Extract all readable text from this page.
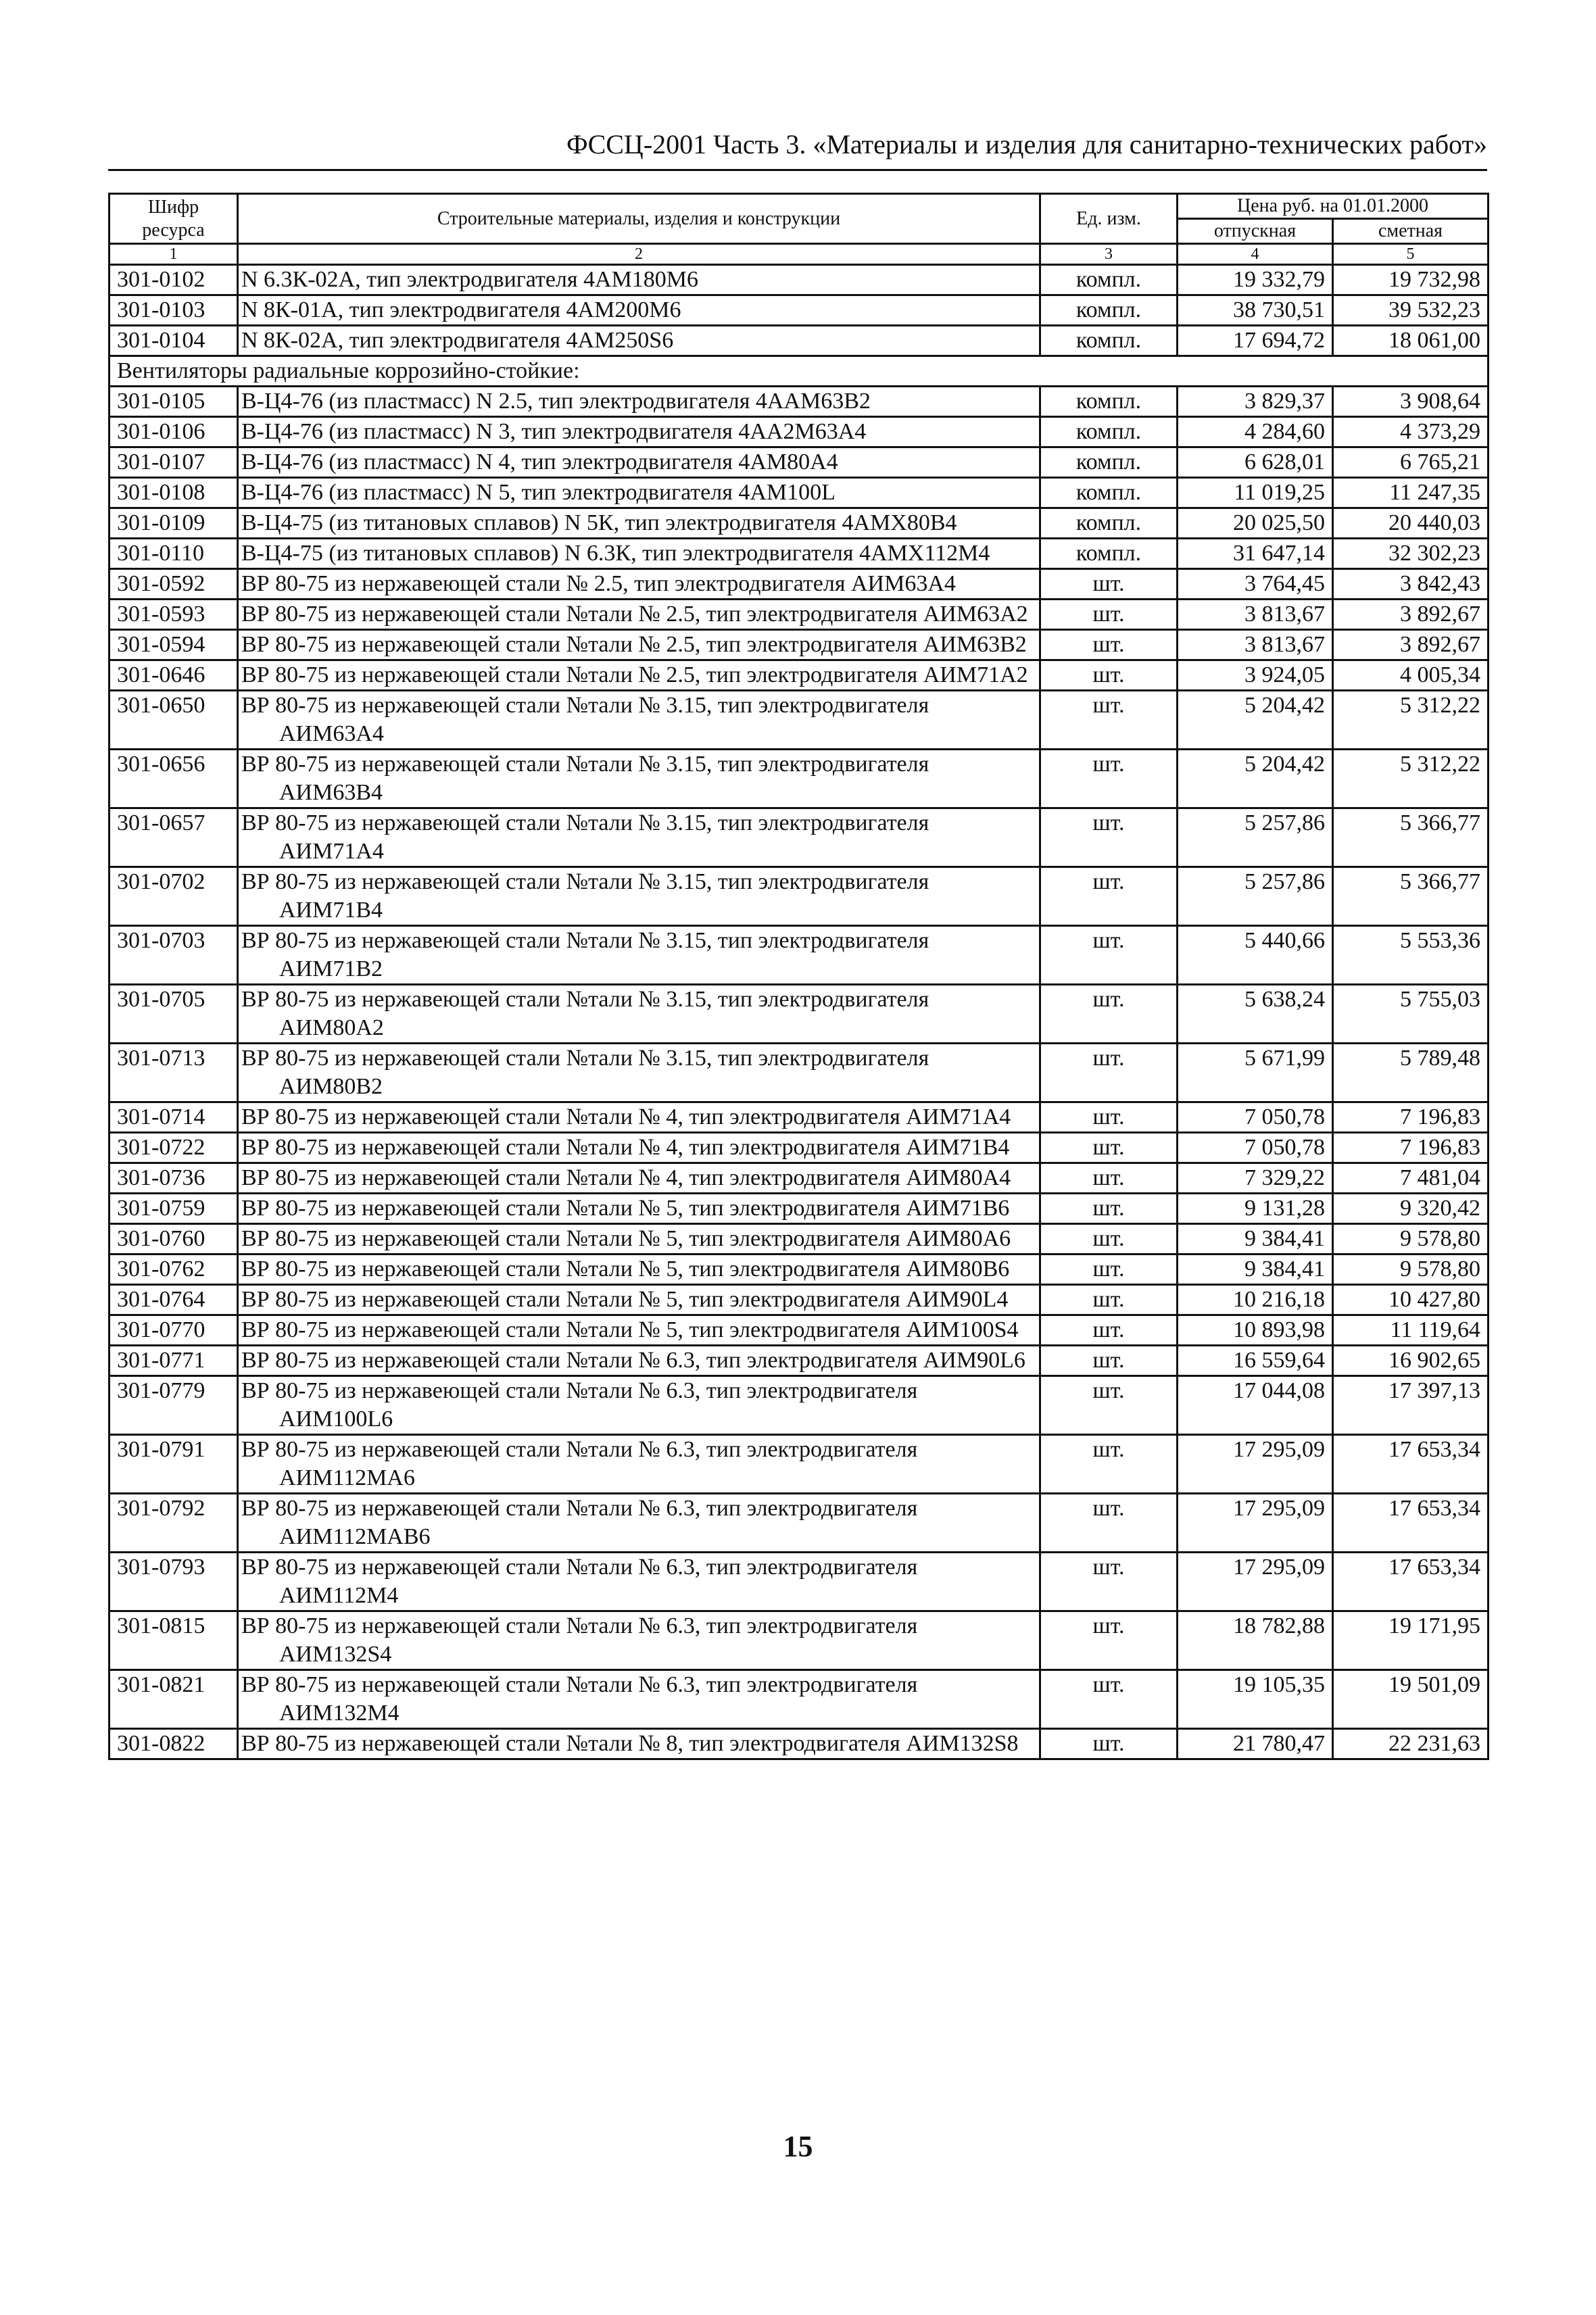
ФССЦ-2001 Часть 3. «Материалы и изделия для санитарно-технических работ»
Шифр ресурса	Строительные материалы, изделия и конструкции	Ед. изм.	Цена руб. на 01.01.2000	
			отпускная	сметная
1	2	3	4	5
301-0102	N 6.3К-02А, тип электродвигателя 4АМ180М6	компл.	19 332,79	19 732,98
301-0103	N 8К-01А, тип электродвигателя 4АМ200М6	компл.	38 730,51	39 532,23
301-0104	N 8К-02А, тип электродвигателя 4АМ250S6	компл.	17 694,72	18 061,00
Вентиляторы радиальные коррозийно-стойкие:				
301-0105	В-Ц4-76 (из пластмасс) N 2.5, тип электродвигателя 4ААМ63В2	компл.	3 829,37	3 908,64
301-0106	В-Ц4-76 (из пластмасс) N 3, тип электродвигателя 4АА2М63А4	компл.	4 284,60	4 373,29
301-0107	В-Ц4-76 (из пластмасс) N 4, тип электродвигателя 4АМ80А4	компл.	6 628,01	6 765,21
301-0108	В-Ц4-76 (из пластмасс) N 5, тип электродвигателя 4АМ100L	компл.	11 019,25	11 247,35
301-0109	В-Ц4-75 (из титановых сплавов) N 5К, тип электродвигателя 4АМХ80В4	компл.	20 025,50	20 440,03
301-0110	В-Ц4-75 (из титановых сплавов) N 6.3К, тип электродвигателя 4АМХ112М4	компл.	31 647,14	32 302,23
301-0592	ВР 80-75 из нержавеющей стали № 2.5, тип электродвигателя АИМ63А4	шт.	3 764,45	3 842,43
301-0593	ВР 80-75 из нержавеющей стали №тали № 2.5, тип электродвигателя АИМ63А2	шт.	3 813,67	3 892,67
301-0594	ВР 80-75 из нержавеющей стали №тали № 2.5, тип электродвигателя АИМ63В2	шт.	3 813,67	3 892,67
301-0646	ВР 80-75 из нержавеющей стали №тали № 2.5, тип электродвигателя АИМ71А2	шт.	3 924,05	4 005,34
301-0650	ВР 80-75 из нержавеющей стали №тали № 3.15, тип электродвигателя АИМ63А4	шт.	5 204,42	5 312,22
301-0656	ВР 80-75 из нержавеющей стали №тали № 3.15, тип электродвигателя АИМ63В4	шт.	5 204,42	5 312,22
301-0657	ВР 80-75 из нержавеющей стали №тали № 3.15, тип электродвигателя АИМ71А4	шт.	5 257,86	5 366,77
301-0702	ВР 80-75 из нержавеющей стали №тали № 3.15, тип электродвигателя АИМ71В4	шт.	5 257,86	5 366,77
301-0703	ВР 80-75 из нержавеющей стали №тали № 3.15, тип электродвигателя АИМ71В2	шт.	5 440,66	5 553,36
301-0705	ВР 80-75 из нержавеющей стали №тали № 3.15, тип электродвигателя АИМ80А2	шт.	5 638,24	5 755,03
301-0713	ВР 80-75 из нержавеющей стали №тали № 3.15, тип электродвигателя АИМ80В2	шт.	5 671,99	5 789,48
301-0714	ВР 80-75 из нержавеющей стали №тали № 4, тип электродвигателя АИМ71А4	шт.	7 050,78	7 196,83
301-0722	ВР 80-75 из нержавеющей стали №тали № 4, тип электродвигателя АИМ71В4	шт.	7 050,78	7 196,83
301-0736	ВР 80-75 из нержавеющей стали №тали № 4, тип электродвигателя АИМ80А4	шт.	7 329,22	7 481,04
301-0759	ВР 80-75 из нержавеющей стали №тали № 5, тип электродвигателя АИМ71В6	шт.	9 131,28	9 320,42
301-0760	ВР 80-75 из нержавеющей стали №тали № 5, тип электродвигателя АИМ80А6	шт.	9 384,41	9 578,80
301-0762	ВР 80-75 из нержавеющей стали №тали № 5, тип электродвигателя АИМ80В6	шт.	9 384,41	9 578,80
301-0764	ВР 80-75 из нержавеющей стали №тали № 5, тип электродвигателя АИМ90L4	шт.	10 216,18	10 427,80
301-0770	ВР 80-75 из нержавеющей стали №тали № 5, тип электродвигателя АИМ100S4	шт.	10 893,98	11 119,64
301-0771	ВР 80-75 из нержавеющей стали №тали № 6.3, тип электродвигателя АИМ90L6	шт.	16 559,64	16 902,65
301-0779	ВР 80-75 из нержавеющей стали №тали № 6.3, тип электродвигателя АИМ100L6	шт.	17 044,08	17 397,13
301-0791	ВР 80-75 из нержавеющей стали №тали № 6.3, тип электродвигателя АИМ112МА6	шт.	17 295,09	17 653,34
301-0792	ВР 80-75 из нержавеющей стали №тали № 6.3, тип электродвигателя АИМ112МАВ6	шт.	17 295,09	17 653,34
301-0793	ВР 80-75 из нержавеющей стали №тали № 6.3, тип электродвигателя АИМ112М4	шт.	17 295,09	17 653,34
301-0815	ВР 80-75 из нержавеющей стали №тали № 6.3, тип электродвигателя АИМ132S4	шт.	18 782,88	19 171,95
301-0821	ВР 80-75 из нержавеющей стали №тали № 6.3, тип электродвигателя АИМ132М4	шт.	19 105,35	19 501,09
301-0822	ВР 80-75 из нержавеющей стали №тали № 8, тип электродвигателя АИМ132S8	шт.	21 780,47	22 231,63
15
